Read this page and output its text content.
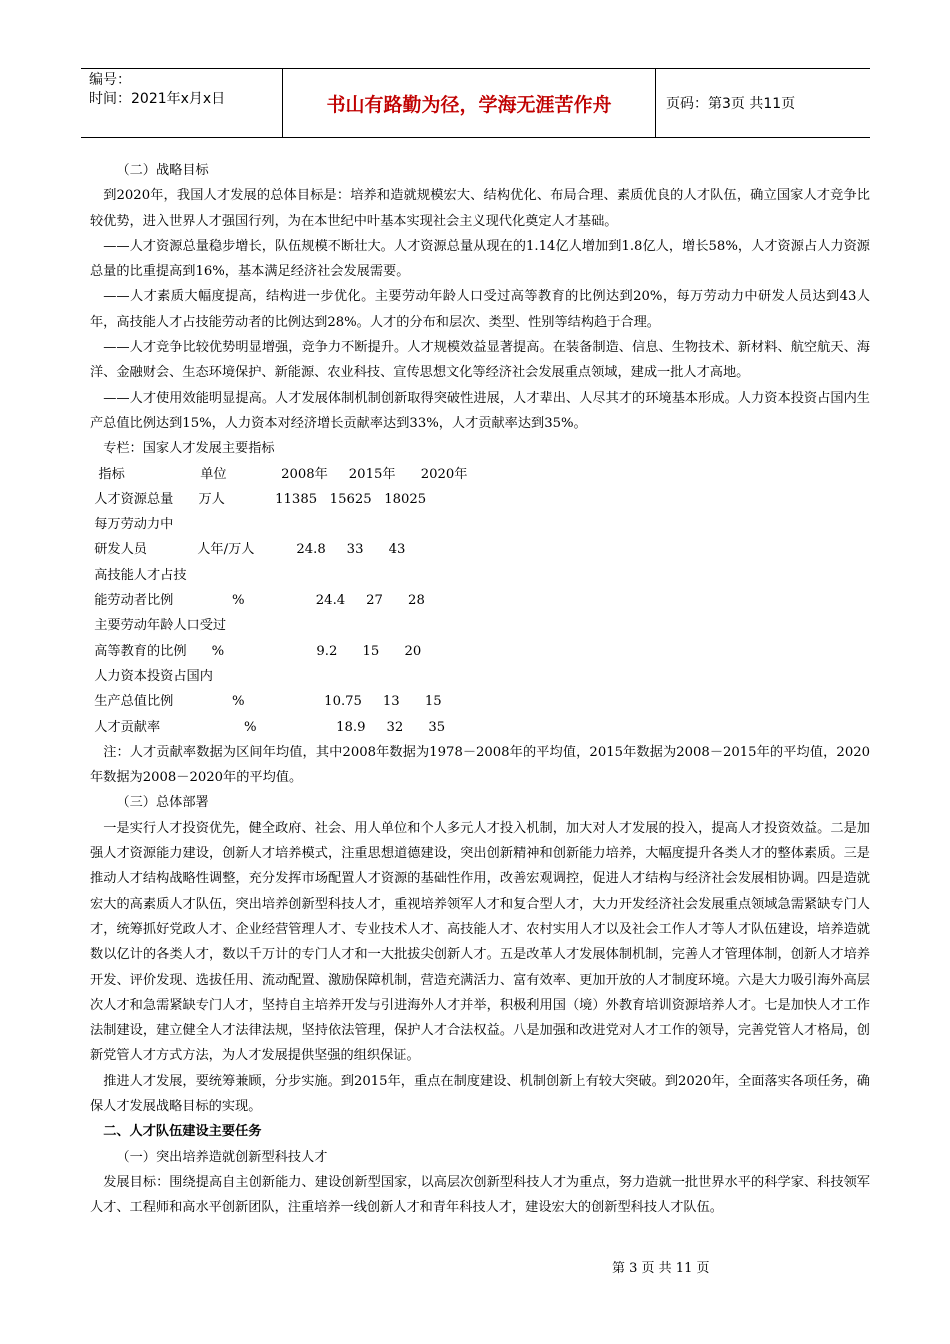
编号：
时间：2021年x月x日	书山有路勤为径，学海无涯苦作舟	页码：第3页 共11页

（二）战略目标

到2020年，我国人才发展的总体目标是：培养和造就规模宏大、结构优化、布局合理、素质优良的人才队伍，确立国家人才竞争比较优势，进入世界人才强国行列，为在本世纪中叶基本实现社会主义现代化奠定人才基础。

——人才资源总量稳步增长，队伍规模不断壮大。人才资源总量从现在的1.14亿人增加到1.8亿人，增长58%，人才资源占人力资源总量的比重提高到16%，基本满足经济社会发展需要。

——人才素质大幅度提高，结构进一步优化。主要劳动年龄人口受过高等教育的比例达到20%，每万劳动力中研发人员达到43人年，高技能人才占技能劳动者的比例达到28%。人才的分布和层次、类型、性别等结构趋于合理。

——人才竞争比较优势明显增强，竞争力不断提升。人才规模效益显著提高。在装备制造、信息、生物技术、新材料、航空航天、海洋、金融财会、生态环境保护、新能源、农业科技、宣传思想文化等经济社会发展重点领域，建成一批人才高地。

——人才使用效能明显提高。人才发展体制机制创新取得突破性进展，人才辈出、人尽其才的环境基本形成。人力资本投资占国内生产总值比例达到15%，人力资本对经济增长贡献率达到33%，人才贡献率达到35%。

专栏：国家人才发展主要指标

指标                  单位             2008年     2015年      2020年

人才资源总量      万人            11385   15625   18025

每万劳动力中

研发人员            人年/万人          24.8     33      43

高技能人才占技

能劳动者比例              %                 24.4     27      28

主要劳动年龄人口受过

高等教育的比例      %                      9.2      15      20

人力资本投资占国内

生产总值比例              %                   10.75     13      15

人才贡献率                    %                   18.9     32      35

注：人才贡献率数据为区间年均值，其中2008年数据为1978－2008年的平均值，2015年数据为2008－2015年的平均值，2020年数据为2008－2020年的平均值。

（三）总体部署

一是实行人才投资优先，健全政府、社会、用人单位和个人多元人才投入机制，加大对人才发展的投入，提高人才投资效益。二是加强人才资源能力建设，创新人才培养模式，注重思想道德建设，突出创新精神和创新能力培养，大幅度提升各类人才的整体素质。三是推动人才结构战略性调整，充分发挥市场配置人才资源的基础性作用，改善宏观调控，促进人才结构与经济社会发展相协调。四是造就宏大的高素质人才队伍，突出培养创新型科技人才，重视培养领军人才和复合型人才，大力开发经济社会发展重点领域急需紧缺专门人才，统筹抓好党政人才、企业经营管理人才、专业技术人才、高技能人才、农村实用人才以及社会工作人才等人才队伍建设，培养造就数以亿计的各类人才，数以千万计的专门人才和一大批拔尖创新人才。五是改革人才发展体制机制，完善人才管理体制，创新人才培养开发、评价发现、选拔任用、流动配置、激励保障机制，营造充满活力、富有效率、更加开放的人才制度环境。六是大力吸引海外高层次人才和急需紧缺专门人才，坚持自主培养开发与引进海外人才并举，积极利用国（境）外教育培训资源培养人才。七是加快人才工作法制建设，建立健全人才法律法规，坚持依法管理，保护人才合法权益。八是加强和改进党对人才工作的领导，完善党管人才格局，创新党管人才方式方法，为人才发展提供坚强的组织保证。

推进人才发展，要统筹兼顾，分步实施。到2015年，重点在制度建设、机制创新上有较大突破。到2020年，全面落实各项任务，确保人才发展战略目标的实现。

二、人才队伍建设主要任务

（一）突出培养造就创新型科技人才

发展目标：围绕提高自主创新能力、建设创新型国家，以高层次创新型科技人才为重点，努力造就一批世界水平的科学家、科技领军人才、工程师和高水平创新团队，注重培养一线创新人才和青年科技人才，建设宏大的创新型科技人才队伍。

第 3 页 共 11 页
